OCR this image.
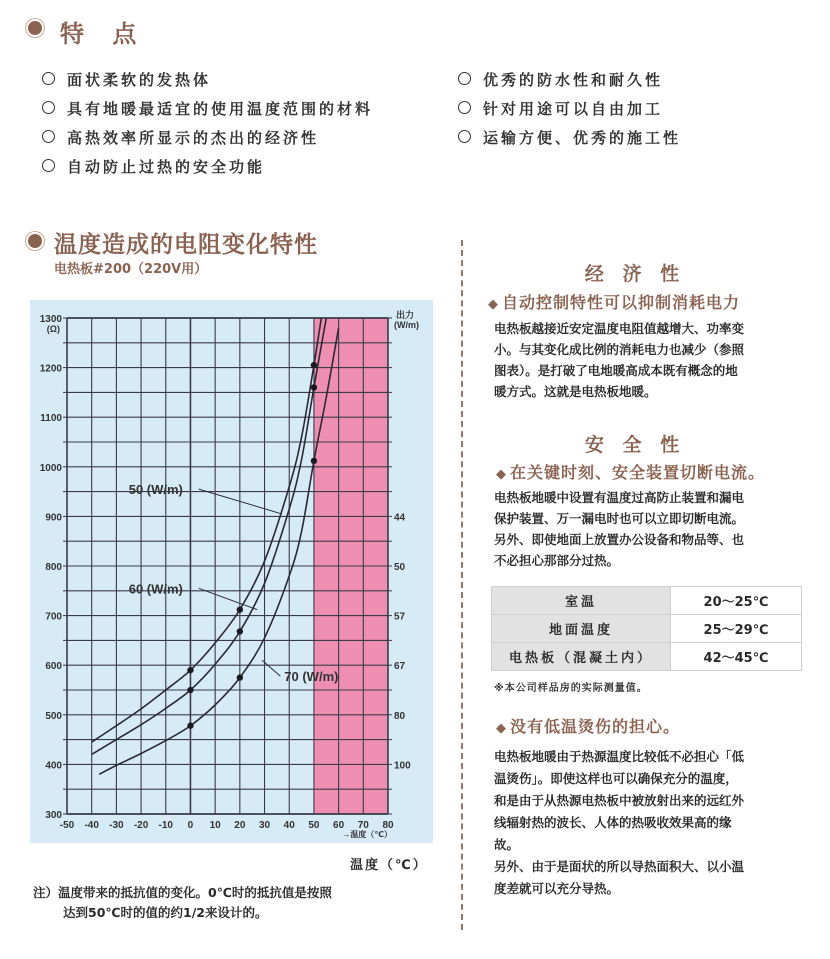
特 点
面状柔软的发热体
具有地暖最适宜的使用温度范围的材料
高热效率所显示的杰出的经济性
自动防止过热的安全功能
优秀的防水性和耐久性
针对用途可以自由加工
运输方便、优秀的施工性
温度造成的电阻变化特性
电热板#200（220V用）
1300
(Ω)
出力
(W/m)
→温度（℃）
50 (W/m)
60 (W/m)
70 (W/m)
-50 -40 -30 -20 -10 0 10 20 30 40 50 60 70 80
300
400
500
600
700
800
900
1000
1100
1200
44
50
57
67
80
100
温度（℃）
注）温度带来的抵抗值的变化。0℃时的抵抗值是按照
达到50℃时的值的约1/2来设计的。
经 济 性
◆ 自动控制特性可以抑制消耗电力
电热板越接近安定温度电阻值越增大、功率变
小。与其变化成比例的消耗电力也减少（参照
图表）。是打破了电地暖高成本既有概念的地
暖方式。这就是电热板地暖。
安 全 性
◆ 在关键时刻、安全装置切断电流。
电热板地暖中设置有温度过高防止装置和漏电
保护装置、万一漏电时也可以立即切断电流。
另外、即使地面上放置办公设备和物品等、也
不必担心那部分过热。
室温	20～25℃
地面温度	25～29℃
电热板（混凝土内）	42～45℃
※本公司样品房的实际测量值。
◆ 没有低温烫伤的担心。
电热板地暖由于热源温度比较低不必担心「低
温烫伤」。即使这样也可以确保充分的温度，
和是由于从热源电热板中被放射出来的远红外
线辐射热的波长、人体的热吸收效果高的缘
故。
另外、由于是面状的所以导热面积大、以小温
度差就可以充分导热。
